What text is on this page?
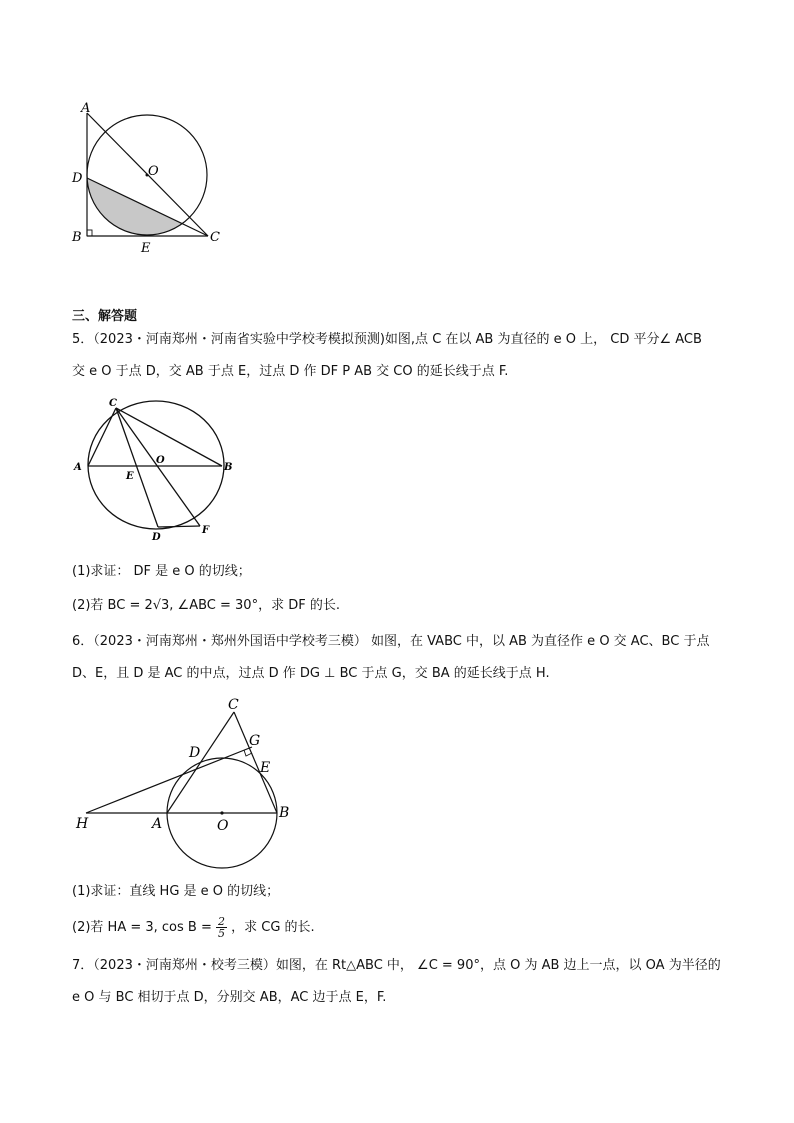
A
O
D
B
E
C
三、解答题
5．（2023・河南郑州・河南省实验中学校考模拟预测)如图,点 C 在以 AB 为直径的 e O 上， CD 平分∠ ACB
交 e O 于点 D，交 AB 于点 E，过点 D 作 DF P AB 交 CO 的延长线于点 F.
C
A
E
O
B
D
F
(1)求证： DF 是 e O 的切线；
(2)若 BC = 2√3, ∠ABC = 30°，求 DF 的长.
6．（2023・河南郑州・郑州外国语中学校考三模） 如图，在 VABC 中，以 AB 为直径作 e O 交 AC、BC 于点
D、E，且 D 是 AC 的中点，过点 D 作 DG ⊥ BC 于点 G，交 BA 的延长线于点 H.
C
G
D
E
H	A	O
B
(1)求证：直线 HG 是 e O 的切线；
(2)若 HA = 3, $\cos B = \frac{2}{5}$ ，求 CG 的长.
7．（2023・河南郑州・校考三模）如图，在 Rt△ABC 中， ∠C = 90°，点 O 为 AB 边上一点，以 OA 为半径的
e O 与 BC 相切于点 D，分别交 AB，AC 边于点 E，F.
